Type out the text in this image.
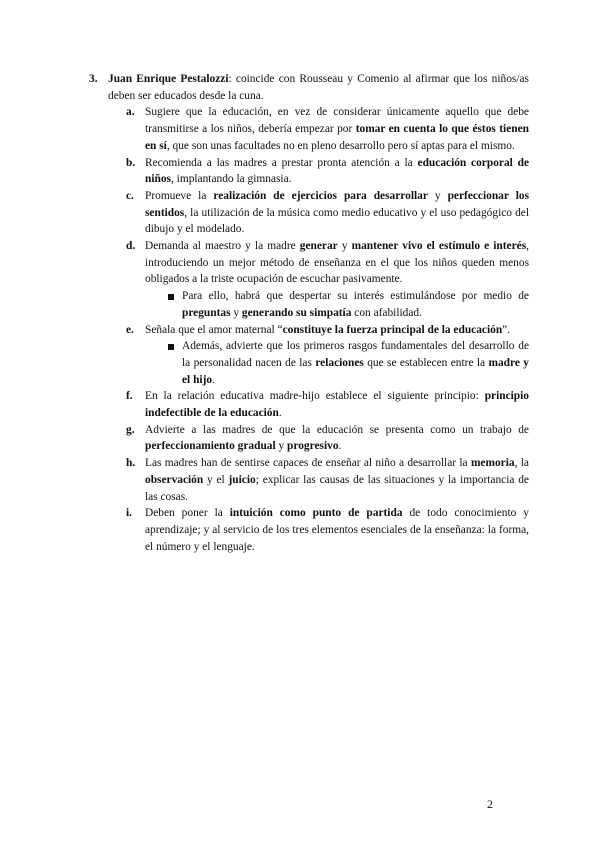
3. Juan Enrique Pestalozzi: coincide con Rousseau y Comenio al afirmar que los niños/as deben ser educados desde la cuna.
a. Sugiere que la educación, en vez de considerar únicamente aquello que debe transmitirse a los niños, debería empezar por tomar en cuenta lo que éstos tienen en sí, que son unas facultades no en pleno desarrollo pero sí aptas para el mismo.
b. Recomienda a las madres a prestar pronta atención a la educación corporal de niños, implantando la gimnasia.
c. Promueve la realización de ejercicios para desarrollar y perfeccionar los sentidos, la utilización de la música como medio educativo y el uso pedagógico del dibujo y el modelado.
d. Demanda al maestro y la madre generar y mantener vivo el estímulo e interés, introduciendo un mejor método de enseñanza en el que los niños queden menos obligados a la triste ocupación de escuchar pasivamente.
Para ello, habrá que despertar su interés estimulándose por medio de preguntas y generando su simpatía con afabilidad.
e. Señala que el amor maternal “constituye la fuerza principal de la educación”.
Además, advierte que los primeros rasgos fundamentales del desarrollo de la personalidad nacen de las relaciones que se establecen entre la madre y el hijo.
f. En la relación educativa madre-hijo establece el siguiente principio: principio indefectible de la educación.
g. Advierte a las madres de que la educación se presenta como un trabajo de perfeccionamiento gradual y progresivo.
h. Las madres han de sentirse capaces de enseñar al niño a desarrollar la memoria, la observación y el juicio; explicar las causas de las situaciones y la importancia de las cosas.
i. Deben poner la intuición como punto de partida de todo conocimiento y aprendizaje; y al servicio de los tres elementos esenciales de la enseñanza: la forma, el número y el lenguaje.
2
